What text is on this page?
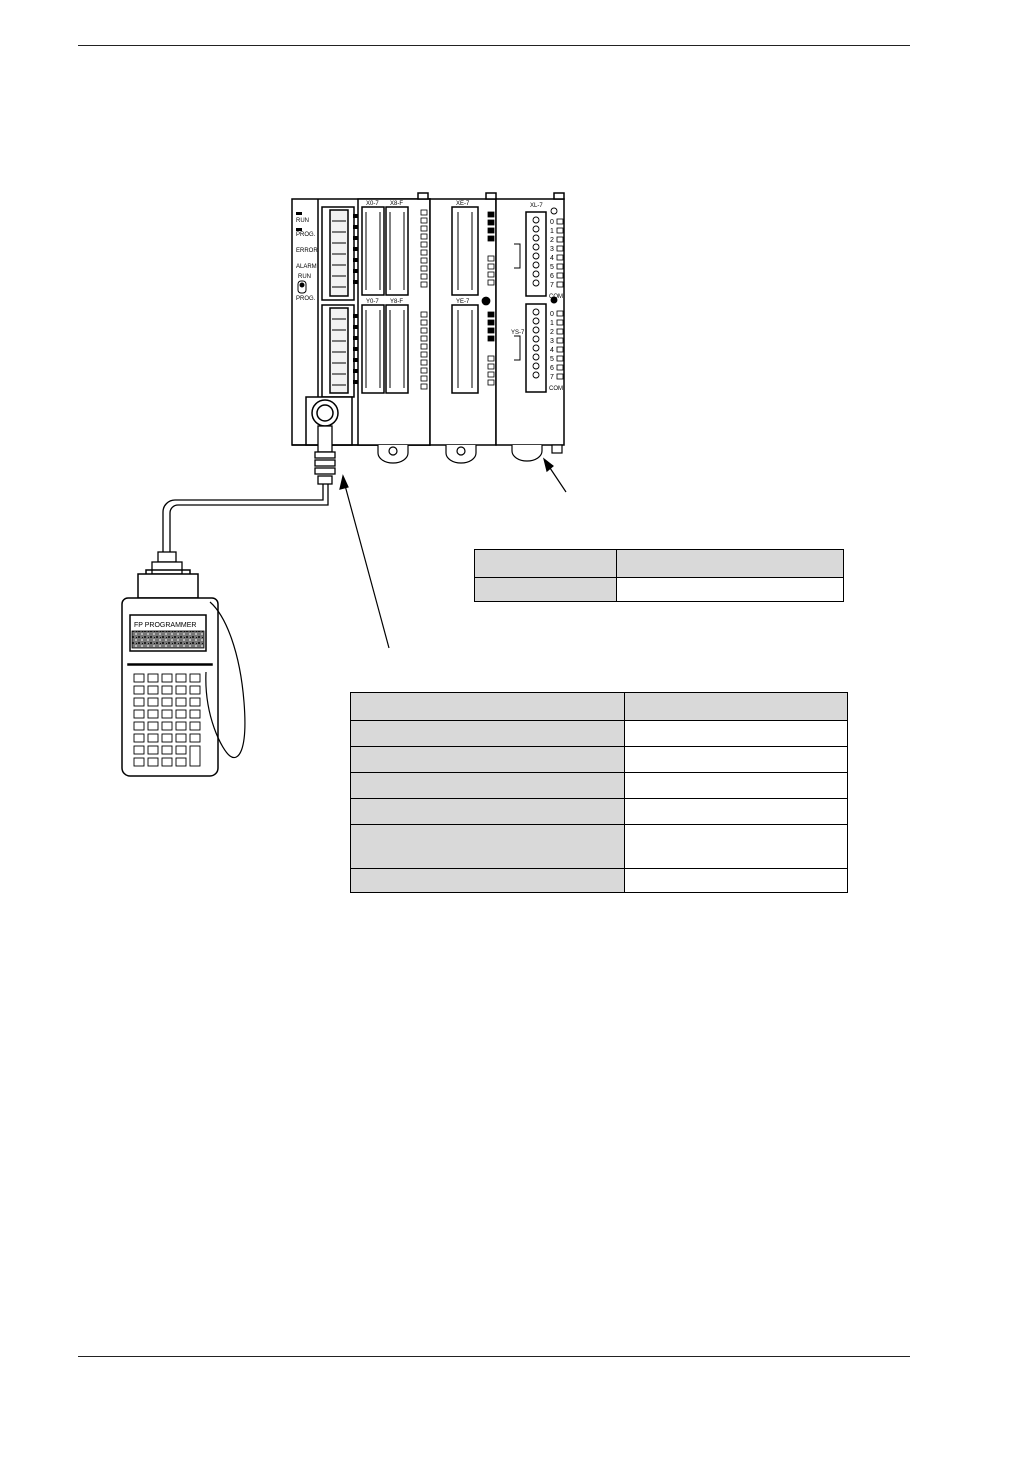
RUN
PROG.
ERROR
ALARM
RUN
PROG.
X0-7 X8-F
Y0-7 Y8-F
XE-7
YE-7
0
1
2
3
4
5
6
7
0
1
2
3
4
5
6
7
XL-7
YS-7
COM
COM
FP PROGRAMMER
